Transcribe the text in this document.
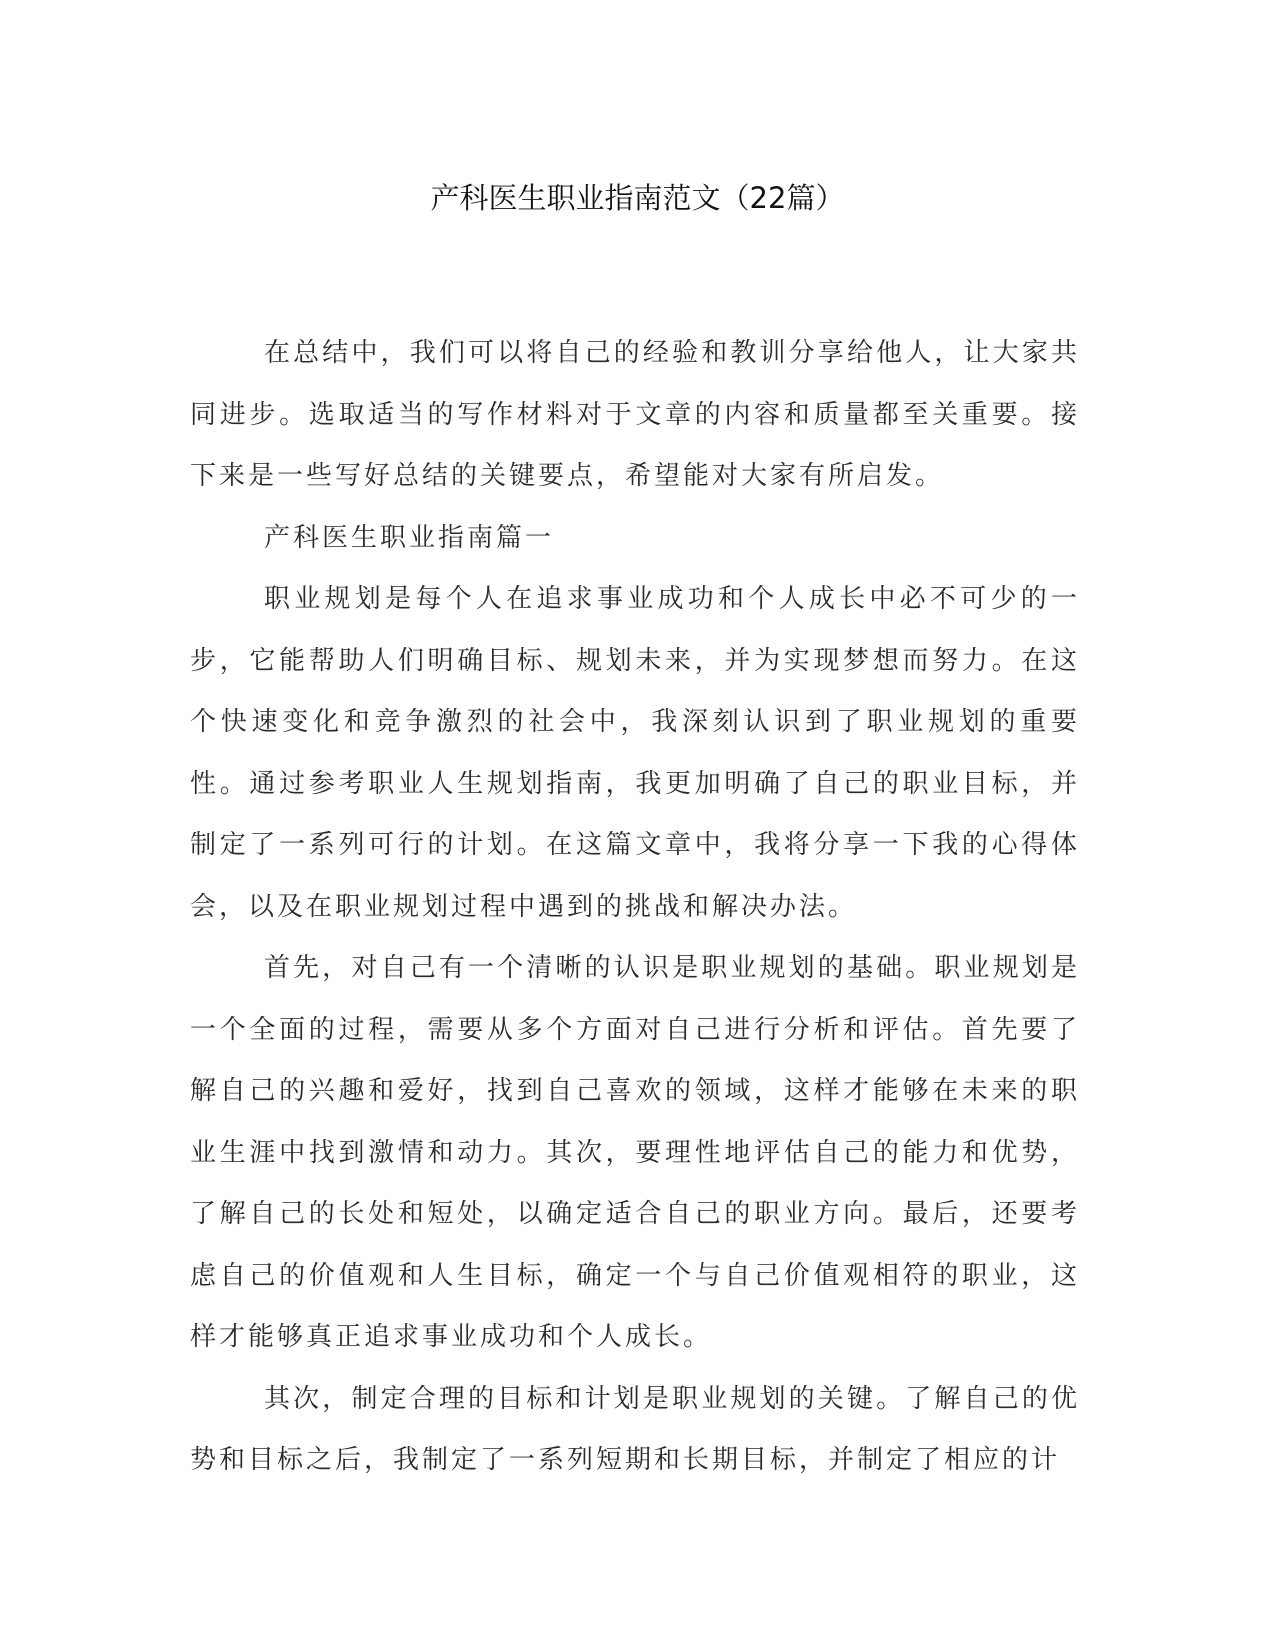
产科医生职业指南范文（22篇）

在总结中，我们可以将自己的经验和教训分享给他人，让大家共同进步。选取适当的写作材料对于文章的内容和质量都至关重要。接下来是一些写好总结的关键要点，希望能对大家有所启发。

产科医生职业指南篇一

职业规划是每个人在追求事业成功和个人成长中必不可少的一步，它能帮助人们明确目标、规划未来，并为实现梦想而努力。在这个快速变化和竞争激烈的社会中，我深刻认识到了职业规划的重要性。通过参考职业人生规划指南，我更加明确了自己的职业目标，并制定了一系列可行的计划。在这篇文章中，我将分享一下我的心得体会，以及在职业规划过程中遇到的挑战和解决办法。

首先，对自己有一个清晰的认识是职业规划的基础。职业规划是一个全面的过程，需要从多个方面对自己进行分析和评估。首先要了解自己的兴趣和爱好，找到自己喜欢的领域，这样才能够在未来的职业生涯中找到激情和动力。其次，要理性地评估自己的能力和优势，了解自己的长处和短处，以确定适合自己的职业方向。最后，还要考虑自己的价值观和人生目标，确定一个与自己价值观相符的职业，这样才能够真正追求事业成功和个人成长。

其次，制定合理的目标和计划是职业规划的关键。了解自己的优势和目标之后，我制定了一系列短期和长期目标，并制定了相应的计
